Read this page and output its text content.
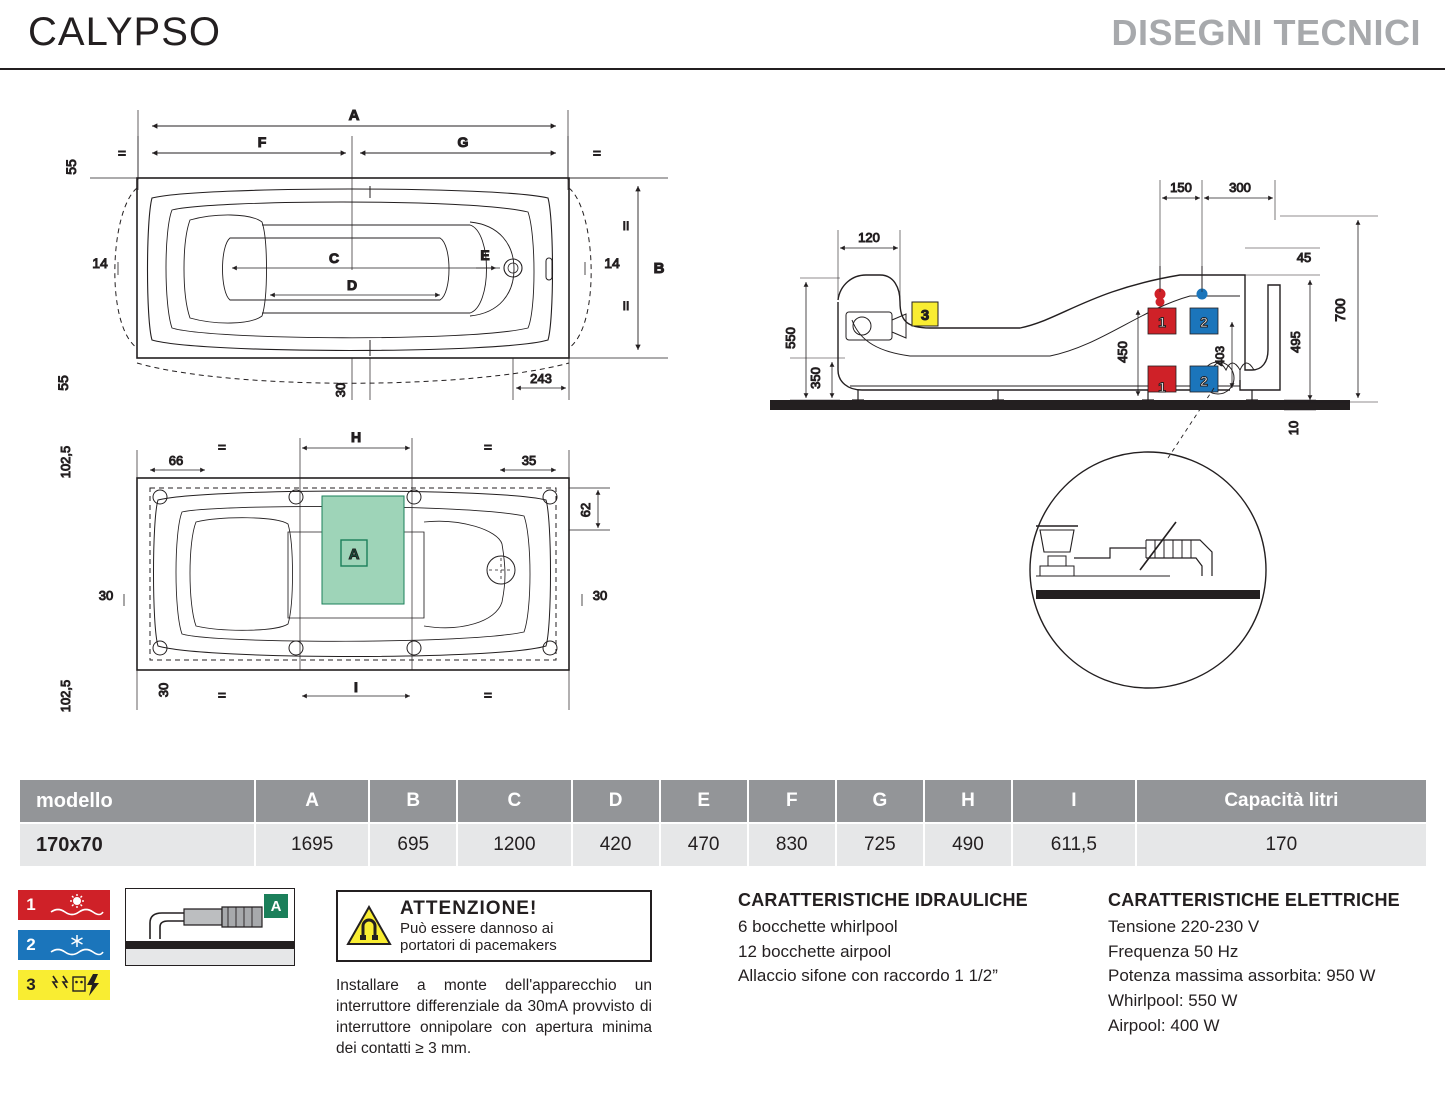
CALYPSO	DISEGNI TECNICI
A
F	G
=	=
55
55
C
D
E
14	14 B
II
II
30
243
=
H
=
102,5
102,5
66	35
A
62
30	30
30	=	I	=
3	1 2
1 2
120
150	300
45
700
495
10
550
350
450	403
modello	A	B	C	D	E	F	G	H	I	Capacità litri
170x70	1695	695	1200	420	470	830	725	490	611,5	170
1
2
3
A	ATTENZIONE!
Può essere dannoso ai
portatori di pacemakers
Installare a monte dell'apparecchio un interruttore differenziale da 30mA provvisto di interruttore onnipolare con apertura minima dei contatti ≥ 3 mm.
CARATTERISTICHE IDRAULICHE
6 bocchette whirlpool
12 bocchette airpool
Allaccio sifone con raccordo 1 1/2”
CARATTERISTICHE ELETTRICHE
Tensione 220-230 V
Frequenza 50 Hz
Potenza massima assorbita: 950 W
Whirlpool: 550 W
Airpool: 400 W
